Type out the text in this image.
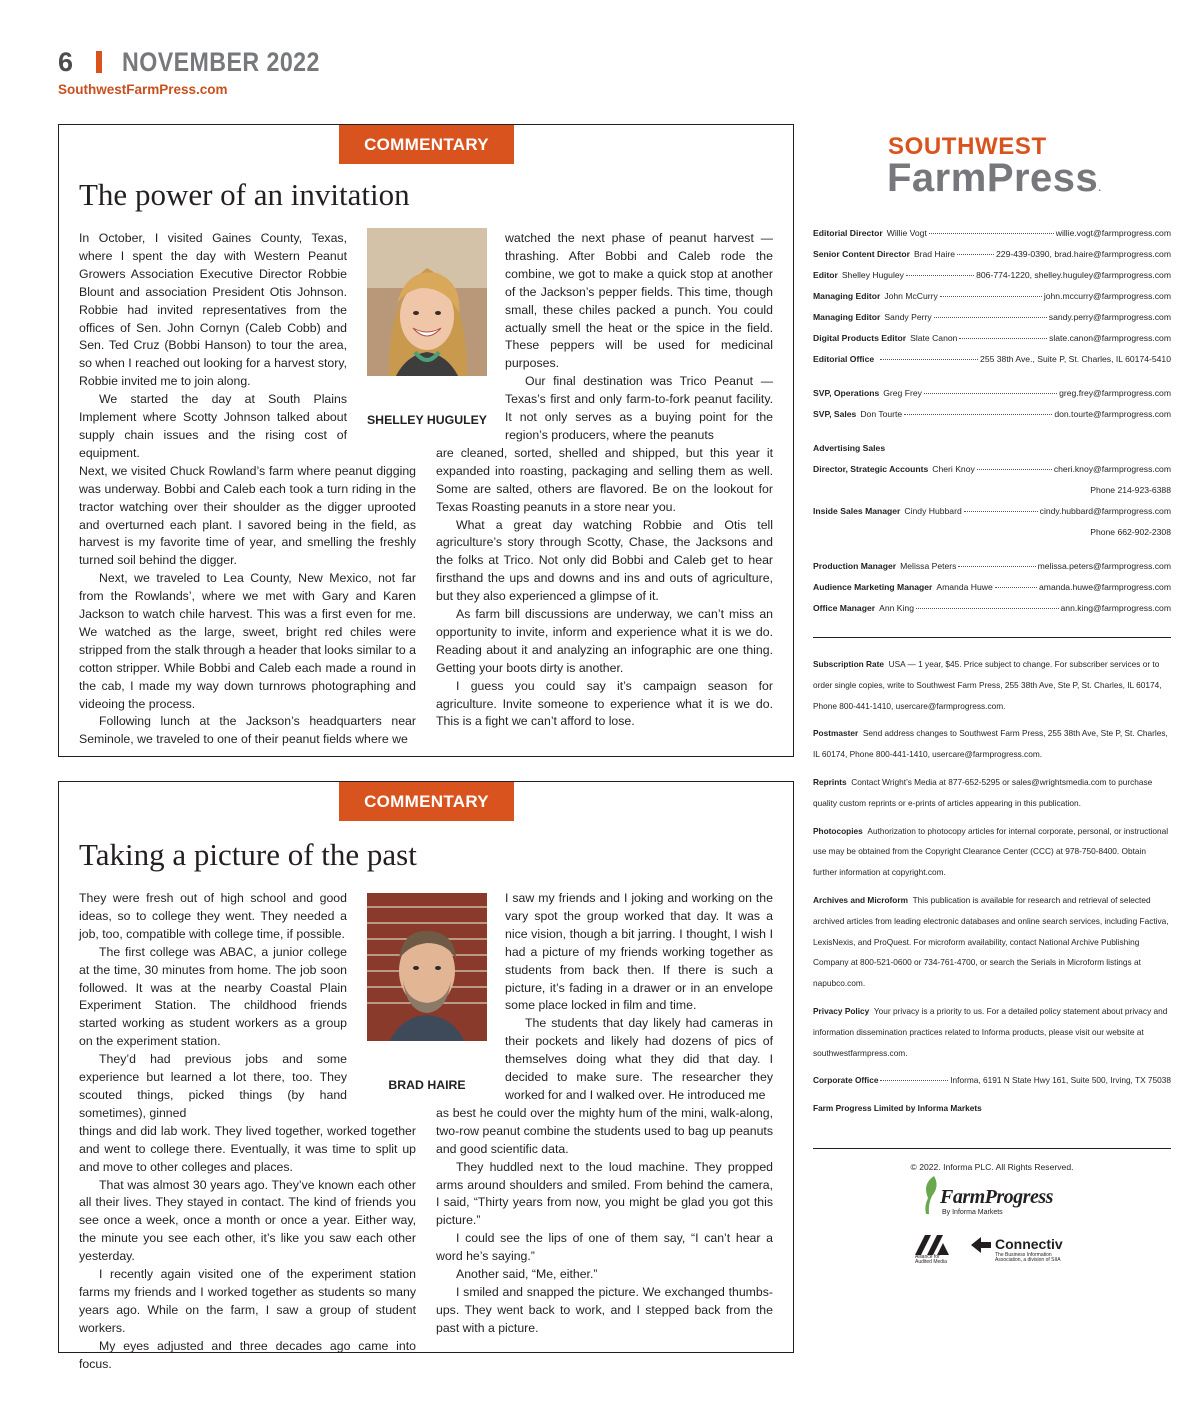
6 NOVEMBER 2022
SouthwestFarmPress.com
COMMENTARY
The power of an invitation

In October, I visited Gaines County, Texas, where I spent the day with Western Peanut Growers Association Executive Director Robbie Blount and association President Otis Johnson. Robbie had invited representatives from the offices of Sen. John Cornyn (Caleb Cobb) and Sen. Ted Cruz (Bobbi Hanson) to tour the area, so when I reached out looking for a harvest story, Robbie invited me to join along.

We started the day at South Plains Implement where Scotty Johnson talked about supply chain issues and the rising cost of equipment.

Next, we visited Chuck Rowland’s farm where peanut digging was underway. Bobbi and Caleb each took a turn riding in the tractor watching over their shoulder as the digger uprooted and overturned each plant. I savored being in the field, as harvest is my favorite time of year, and smelling the freshly turned soil behind the digger.

Next, we traveled to Lea County, New Mexico, not far from the Rowlands’, where we met with Gary and Karen Jackson to watch chile harvest. This was a first even for me. We watched as the large, sweet, bright red chiles were stripped from the stalk through a header that looks similar to a cotton stripper. While Bobbi and Caleb each made a round in the cab, I made my way down turnrows photographing and videoing the process.

Following lunch at the Jackson’s headquarters near Seminole, we traveled to one of their peanut fields where we

SHELLEY HUGULEY

watched the next phase of peanut harvest — thrashing. After Bobbi and Caleb rode the combine, we got to make a quick stop at another of the Jackson’s pepper fields. This time, though small, these chiles packed a punch. You could actually smell the heat or the spice in the field. These peppers will be used for medicinal purposes.

Our final destination was Trico Peanut — Texas’s first and only farm-to-fork peanut facility. It not only serves as a buying point for the region’s producers, where the peanuts

are cleaned, sorted, shelled and shipped, but this year it expanded into roasting, packaging and selling them as well. Some are salted, others are flavored. Be on the lookout for Texas Roasting peanuts in a store near you.

What a great day watching Robbie and Otis tell agriculture’s story through Scotty, Chase, the Jacksons and the folks at Trico. Not only did Bobbi and Caleb get to hear firsthand the ups and downs and ins and outs of agriculture, but they also experienced a glimpse of it.

As farm bill discussions are underway, we can’t miss an opportunity to invite, inform and experience what it is we do. Reading about it and analyzing an infographic are one thing. Getting your boots dirty is another.

I guess you could say it’s campaign season for agriculture. Invite someone to experience what it is we do. This is a fight we can’t afford to lose.

COMMENTARY
Taking a picture of the past

They were fresh out of high school and good ideas, so to college they went. They needed a job, too, compatible with college time, if possible.

The first college was ABAC, a junior college at the time, 30 minutes from home. The job soon followed. It was at the nearby Coastal Plain Experiment Station. The childhood friends started working as student workers as a group on the experiment station.

They’d had previous jobs and some experience but learned a lot there, too. They scouted things, picked things (by hand sometimes), ginned

things and did lab work. They lived together, worked together and went to college there. Eventually, it was time to split up and move to other colleges and places.

That was almost 30 years ago. They’ve known each other all their lives. They stayed in contact. The kind of friends you see once a week, once a month or once a year. Either way, the minute you see each other, it’s like you saw each other yesterday.

I recently again visited one of the experiment station farms my friends and I worked together as students so many years ago. While on the farm, I saw a group of student workers.

My eyes adjusted and three decades ago came into focus.

BRAD HAIRE

I saw my friends and I joking and working on the vary spot the group worked that day. It was a nice vision, though a bit jarring. I thought, I wish I had a picture of my friends working together as students from back then. If there is such a picture, it’s fading in a drawer or in an envelope some place locked in film and time.

The students that day likely had cameras in their pockets and likely had dozens of pics of themselves doing what they did that day. I decided to make sure. The researcher they worked for and I walked over. He introduced me

as best he could over the mighty hum of the mini, walk-along, two-row peanut combine the students used to bag up peanuts and good scientific data.

They huddled next to the loud machine. They propped arms around shoulders and smiled. From behind the camera, I said, “Thirty years from now, you might be glad you got this picture.”

I could see the lips of one of them say, “I can’t hear a word he’s saying.”

Another said, “Me, either.”

I smiled and snapped the picture. We exchanged thumbs-ups. They went back to work, and I stepped back from the past with a picture.

SOUTHWEST
FarmPress.
Editorial Director Willie Vogt	willie.vogt@farmprogress.com
Senior Content Director Brad Haire	229-439-0390, brad.haire@farmprogress.com
Editor Shelley Huguley	806-774-1220, shelley.huguley@farmprogress.com
Managing Editor John McCurry	john.mccurry@farmprogress.com
Managing Editor Sandy Perry	sandy.perry@farmprogress.com
Digital Products Editor Slate Canon	slate.canon@farmprogress.com
Editorial Office	255 38th Ave., Suite P, St. Charles, IL 60174-5410
SVP, Operations Greg Frey	greg.frey@farmprogress.com
SVP, Sales Don Tourte	don.tourte@farmprogress.com
Advertising Sales
Director, Strategic Accounts Cheri Knoy	cheri.knoy@farmprogress.com
Phone 214-923-6388
Inside Sales Manager Cindy Hubbard	cindy.hubbard@farmprogress.com
Phone 662-902-2308
Production Manager Melissa Peters	melissa.peters@farmprogress.com
Audience Marketing Manager Amanda Huwe	amanda.huwe@farmprogress.com
Office Manager Ann King	ann.king@farmprogress.com
Subscription Rate USA — 1 year, $45. Price subject to change. For subscriber services or to order single copies, write to Southwest Farm Press, 255 38th Ave, Ste P, St. Charles, IL 60174, Phone 800-441-1410, usercare@farmprogress.com.
Postmaster Send address changes to Southwest Farm Press, 255 38th Ave, Ste P, St. Charles, IL 60174, Phone 800-441-1410, usercare@farmprogress.com.
Reprints Contact Wright’s Media at 877-652-5295 or sales@wrightsmedia.com to purchase quality custom reprints or e-prints of articles appearing in this publication.
Photocopies Authorization to photocopy articles for internal corporate, personal, or instructional use may be obtained from the Copyright Clearance Center (CCC) at 978-750-8400. Obtain further information at copyright.com.
Archives and Microform This publication is available for research and retrieval of selected archived articles from leading electronic databases and online search services, including Factiva, LexisNexis, and ProQuest. For microform availability, contact National Archive Publishing Company at 800-521-0600 or 734-761-4700, or search the Serials in Microform listings at napubco.com.
Privacy Policy Your privacy is a priority to us. For a detailed policy statement about privacy and information dissemination practices related to Informa products, please visit our website at southwestfarmpress.com.
Corporate Office	Informa, 6191 N State Hwy 161, Suite 500, Irving, TX 75038
Farm Progress Limited by Informa Markets
© 2022. Informa PLC. All Rights Reserved.
FarmProgress
By Informa Markets
Alliance for Audited Media
Connectiv
The Business Information Association, a division of SIIA
